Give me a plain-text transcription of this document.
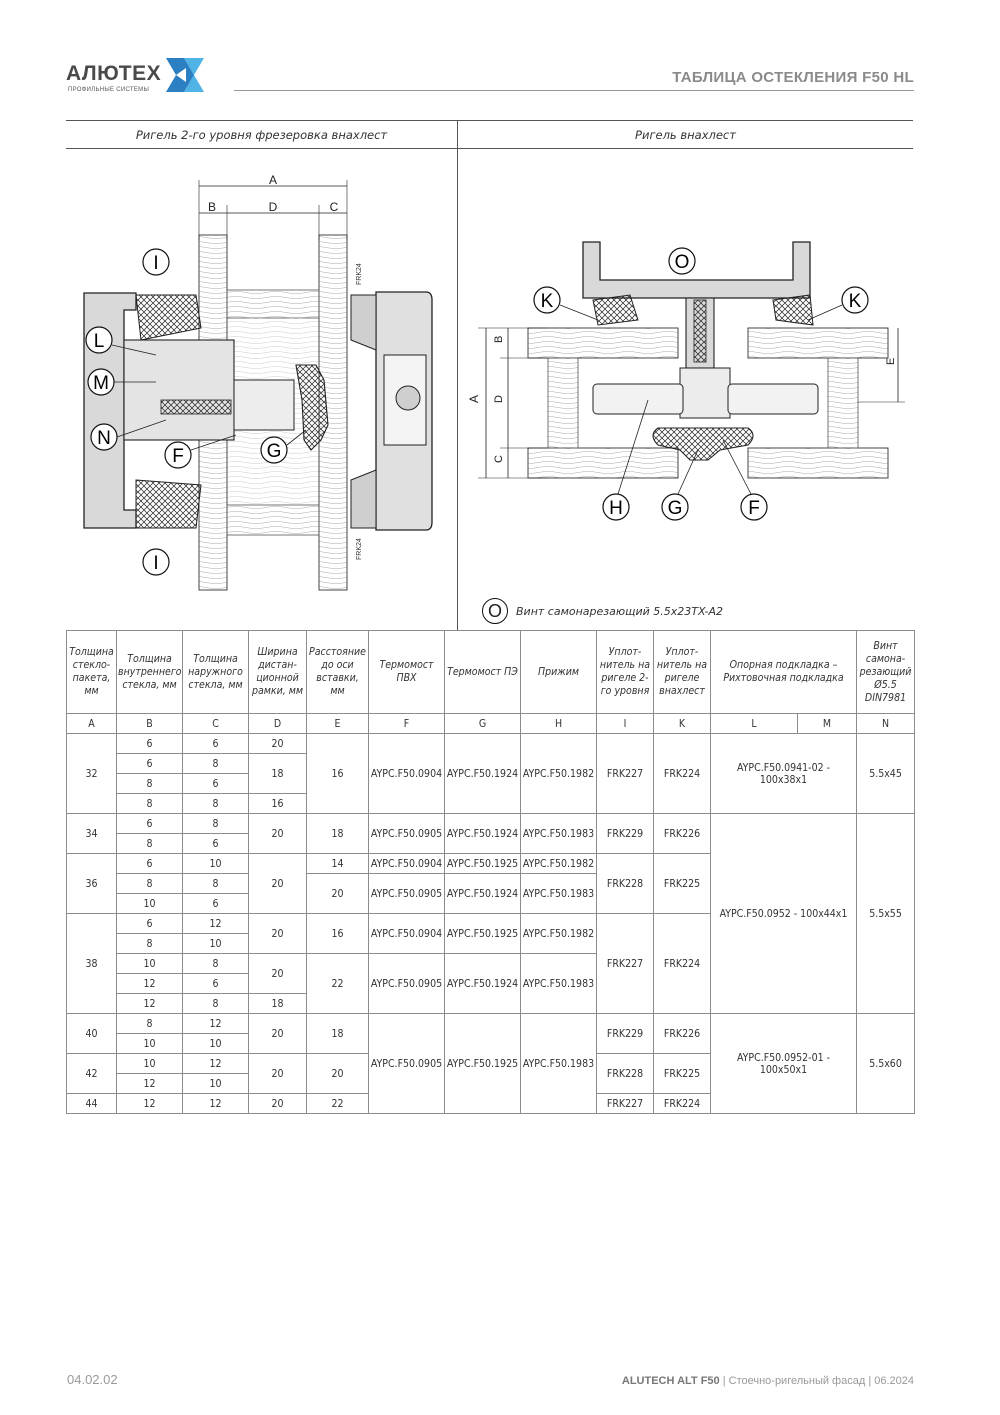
АЛЮТЕХ
ПРОФИЛЬНЫЕ СИСТЕМЫ
ТАБЛИЦА ОСТЕКЛЕНИЯ F50 HL
Ригель 2-го уровня фрезеровка внахлест	Ригель внахлест
A
B	D	C
FRK24
FRK24
I
L
M
N
F	G
I
A
B
D
C
E
O
K	K
H G	F
O	Винт самонарезающий 5.5x23TX-A2
Толщина стекло-пакета, мм	Толщина внутреннего стекла, мм	Толщина наружного стекла, мм	Ширина дистан-ционной рамки, мм	Расстояние до оси вставки, мм	Термомост ПВХ	Термомост ПЭ	Прижим	Уплот-нитель на ригеле 2-го уровня	Уплот-нитель на ригеле внахлест	Опорная подкладка – Рихтовочная подкладка		Винт самона-резающий Ø5.5 DIN7981
A	B	C	D	E	F	G	H	I	K	L	M	N
32	6	6	20	16	AYPC.F50.0904	AYPC.F50.1924	AYPC.F50.1982	FRK227	FRK224	AYPC.F50.0941-02 - 100x38x1		5.5x45
	6	8	18									
	8	6										
	8	8	16									
34	6	8	20	18	AYPC.F50.0905	AYPC.F50.1924	AYPC.F50.1983	FRK229	FRK226	AYPC.F50.0952 - 100x44x1		5.5x55
	8	6										
36	6	10	20	14	AYPC.F50.0904	AYPC.F50.1925	AYPC.F50.1982	FRK228	FRK225			
	8	8		20	AYPC.F50.0905	AYPC.F50.1924	AYPC.F50.1983					
	10	6										
38	6	12	20	16	AYPC.F50.0904	AYPC.F50.1925	AYPC.F50.1982	FRK227	FRK224			
	8	10										
	10	8	20	22	AYPC.F50.0905	AYPC.F50.1924	AYPC.F50.1983					
	12	6										
	12	8	18									
40	8	12	20	18	AYPC.F50.0905	AYPC.F50.1925	AYPC.F50.1983	FRK229	FRK226	AYPC.F50.0952-01 - 100x50x1		5.5x60
	10	10										
42	10	12	20	20				FRK228	FRK225			
	12	10										
44	12	12	20	22				FRK227	FRK224			
04.02.02	ALUTECH ALT F50 | Стоечно-ригельный фасад | 06.2024
